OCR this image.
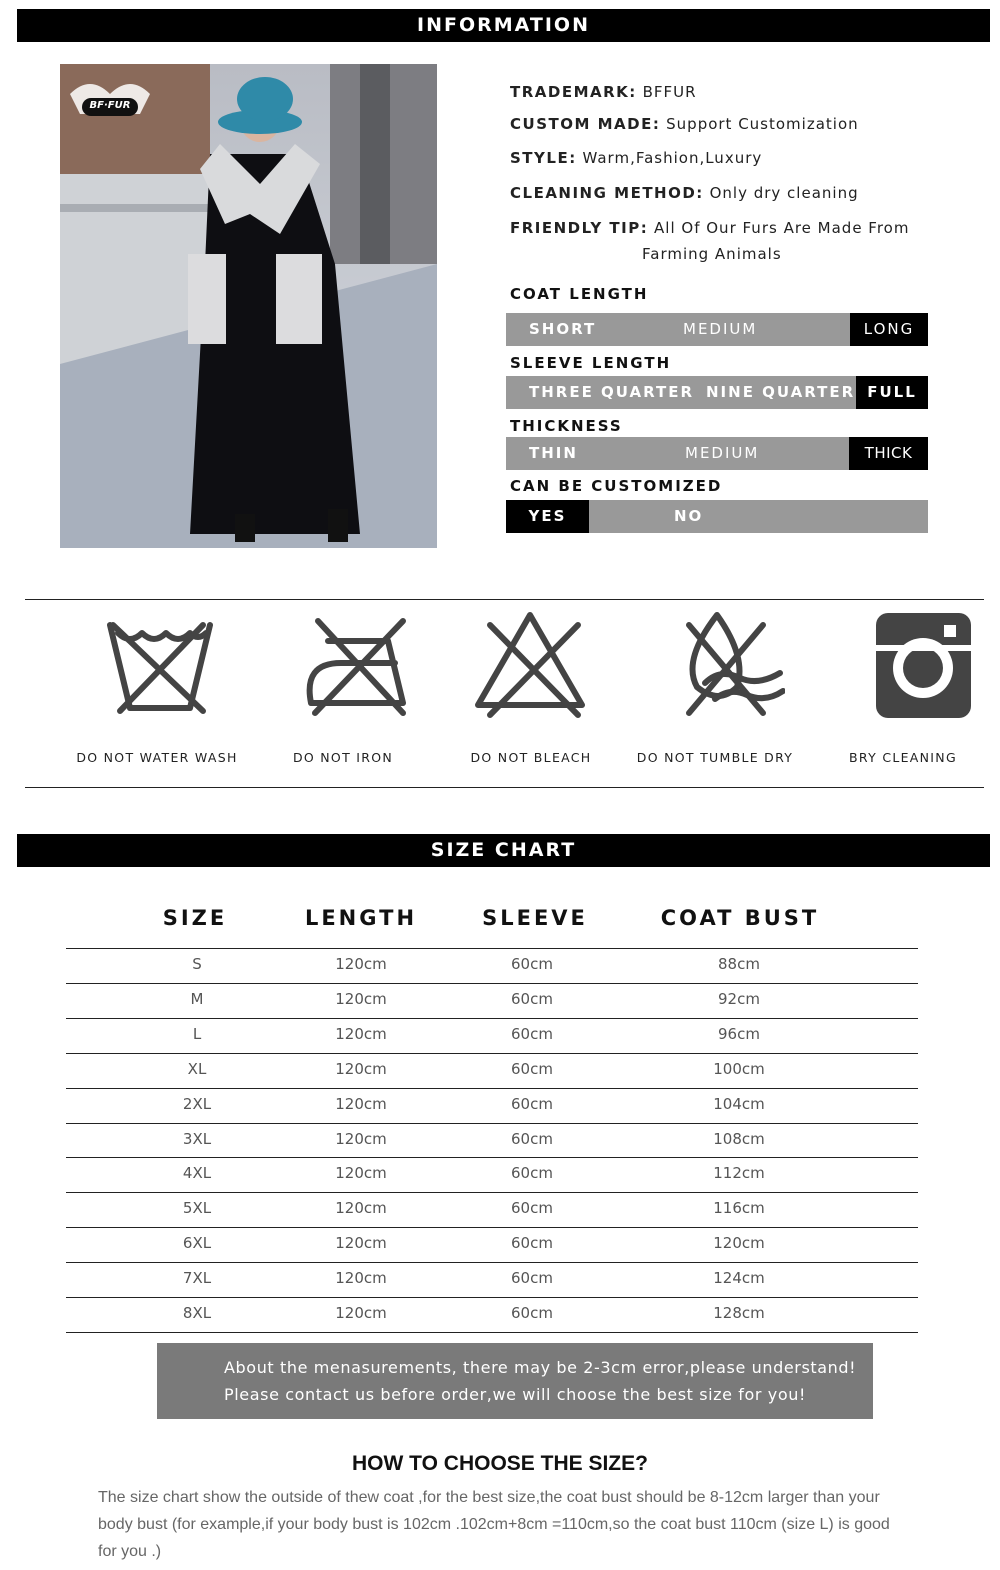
INFORMATION
BF·FUR
TRADEMARK: BFFUR
CUSTOM MADE: Support Customization
STYLE: Warm,Fashion,Luxury
CLEANING METHOD: Only dry cleaning
FRIENDLY TIP: All Of Our Furs Are Made From
Farming Animals
COAT LENGTH
SHORT	MEDIUM	LONG
SLEEVE LENGTH
THREE QUARTER NINE QUARTER FULL
THICKNESS
THIN	MEDIUM	THICK
CAN BE CUSTOMIZED
YES	NO
DO NOT WATER WASH	DO NOT IRON	DO NOT BLEACH	DO NOT TUMBLE DRY	BRY CLEANING
SIZE CHART
SIZE	LENGTH	SLEEVE	COAT BUST
S	120cm	60cm	88cm
M	120cm	60cm	92cm
L	120cm	60cm	96cm
XL	120cm	60cm	100cm
2XL	120cm	60cm	104cm
3XL	120cm	60cm	108cm
4XL	120cm	60cm	112cm
5XL	120cm	60cm	116cm
6XL	120cm	60cm	120cm
7XL	120cm	60cm	124cm
8XL	120cm	60cm	128cm
About the menasurements, there may be 2-3cm error,please understand!
Please contact us before order,we will choose the best size for you!
HOW TO CHOOSE THE SIZE?
The size chart show the outside of thew coat ,for the best size,the coat bust should be 8-12cm larger than your body bust (for example,if your body bust is 102cm .102cm+8cm =110cm,so the coat bust 110cm (size L) is good for you .)
